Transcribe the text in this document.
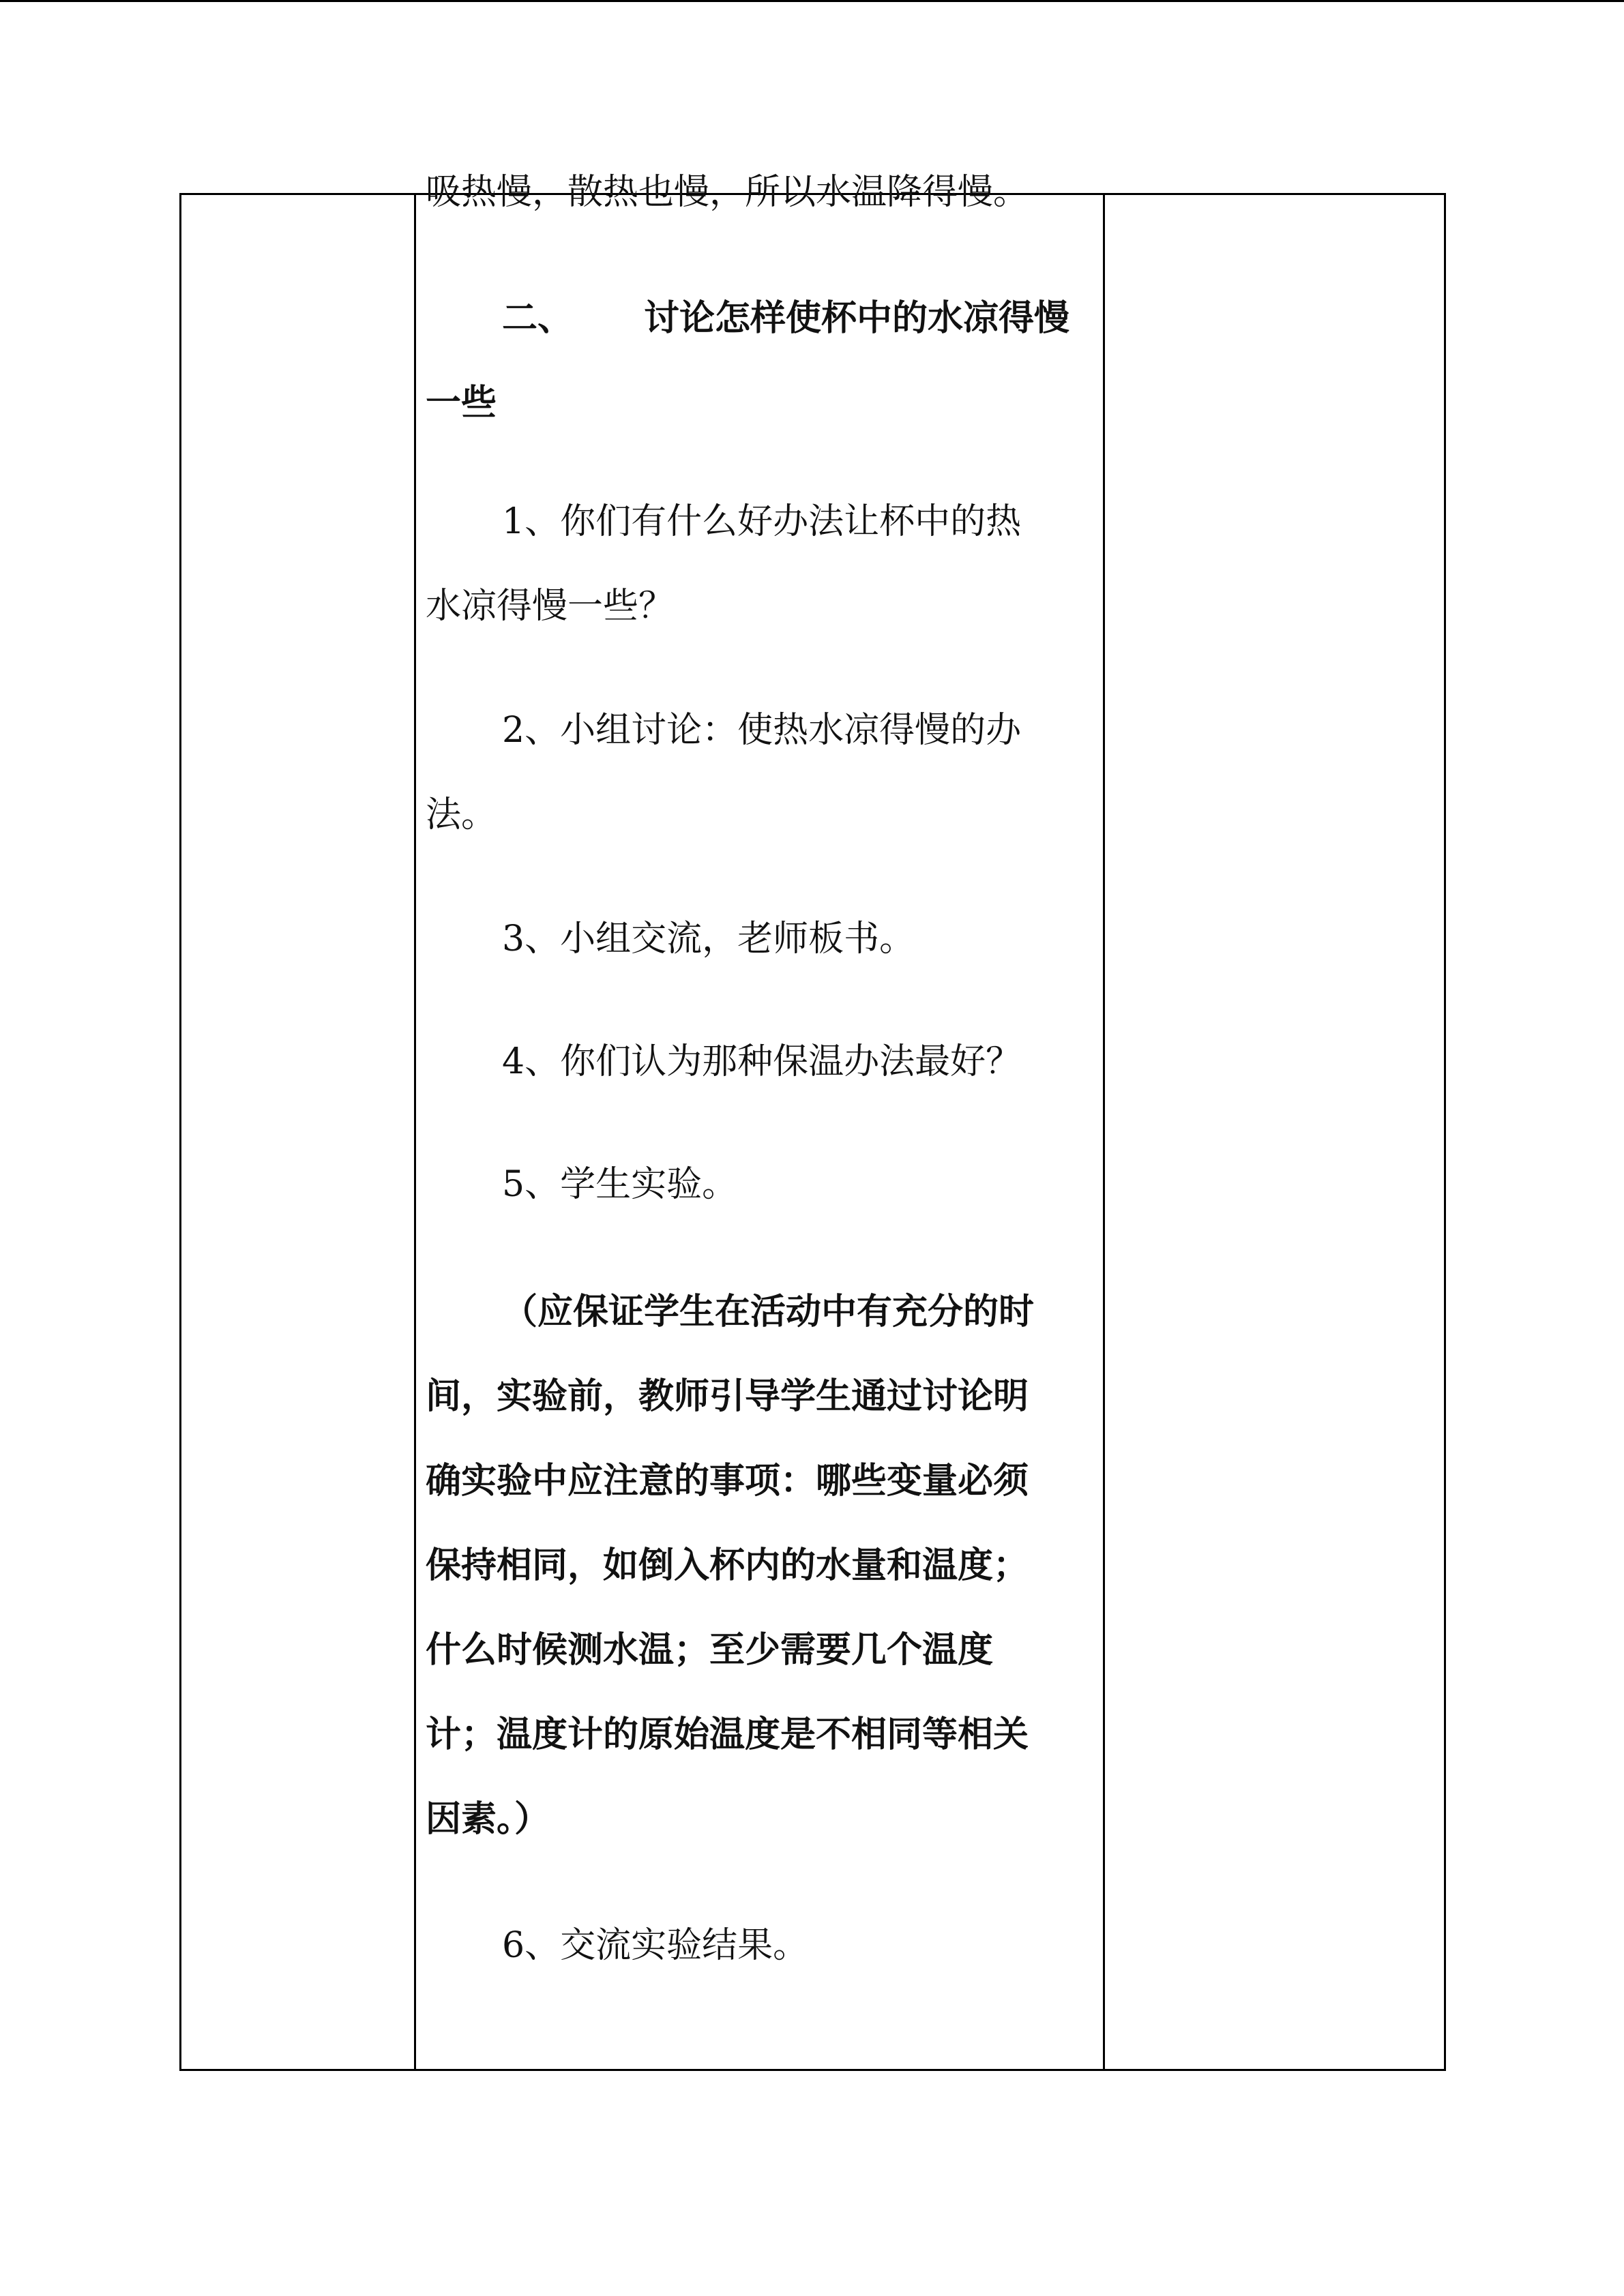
吸热慢，散热也慢，所以水温降得慢。
二、 讨论怎样使杯中的水凉得慢
一些
1、你们有什么好办法让杯中的热
水凉得慢一些？
2、小组讨论：使热水凉得慢的办
法。
3、小组交流，老师板书。
4、你们认为那种保温办法最好？
5、学生实验。
（应保证学生在活动中有充分的时
间，实验前，教师引导学生通过讨论明
确实验中应注意的事项：哪些变量必须
保持相同，如倒入杯内的水量和温度；
什么时候测水温；至少需要几个温度
计；温度计的原始温度是不相同等相关
因素。）
6、交流实验结果。
